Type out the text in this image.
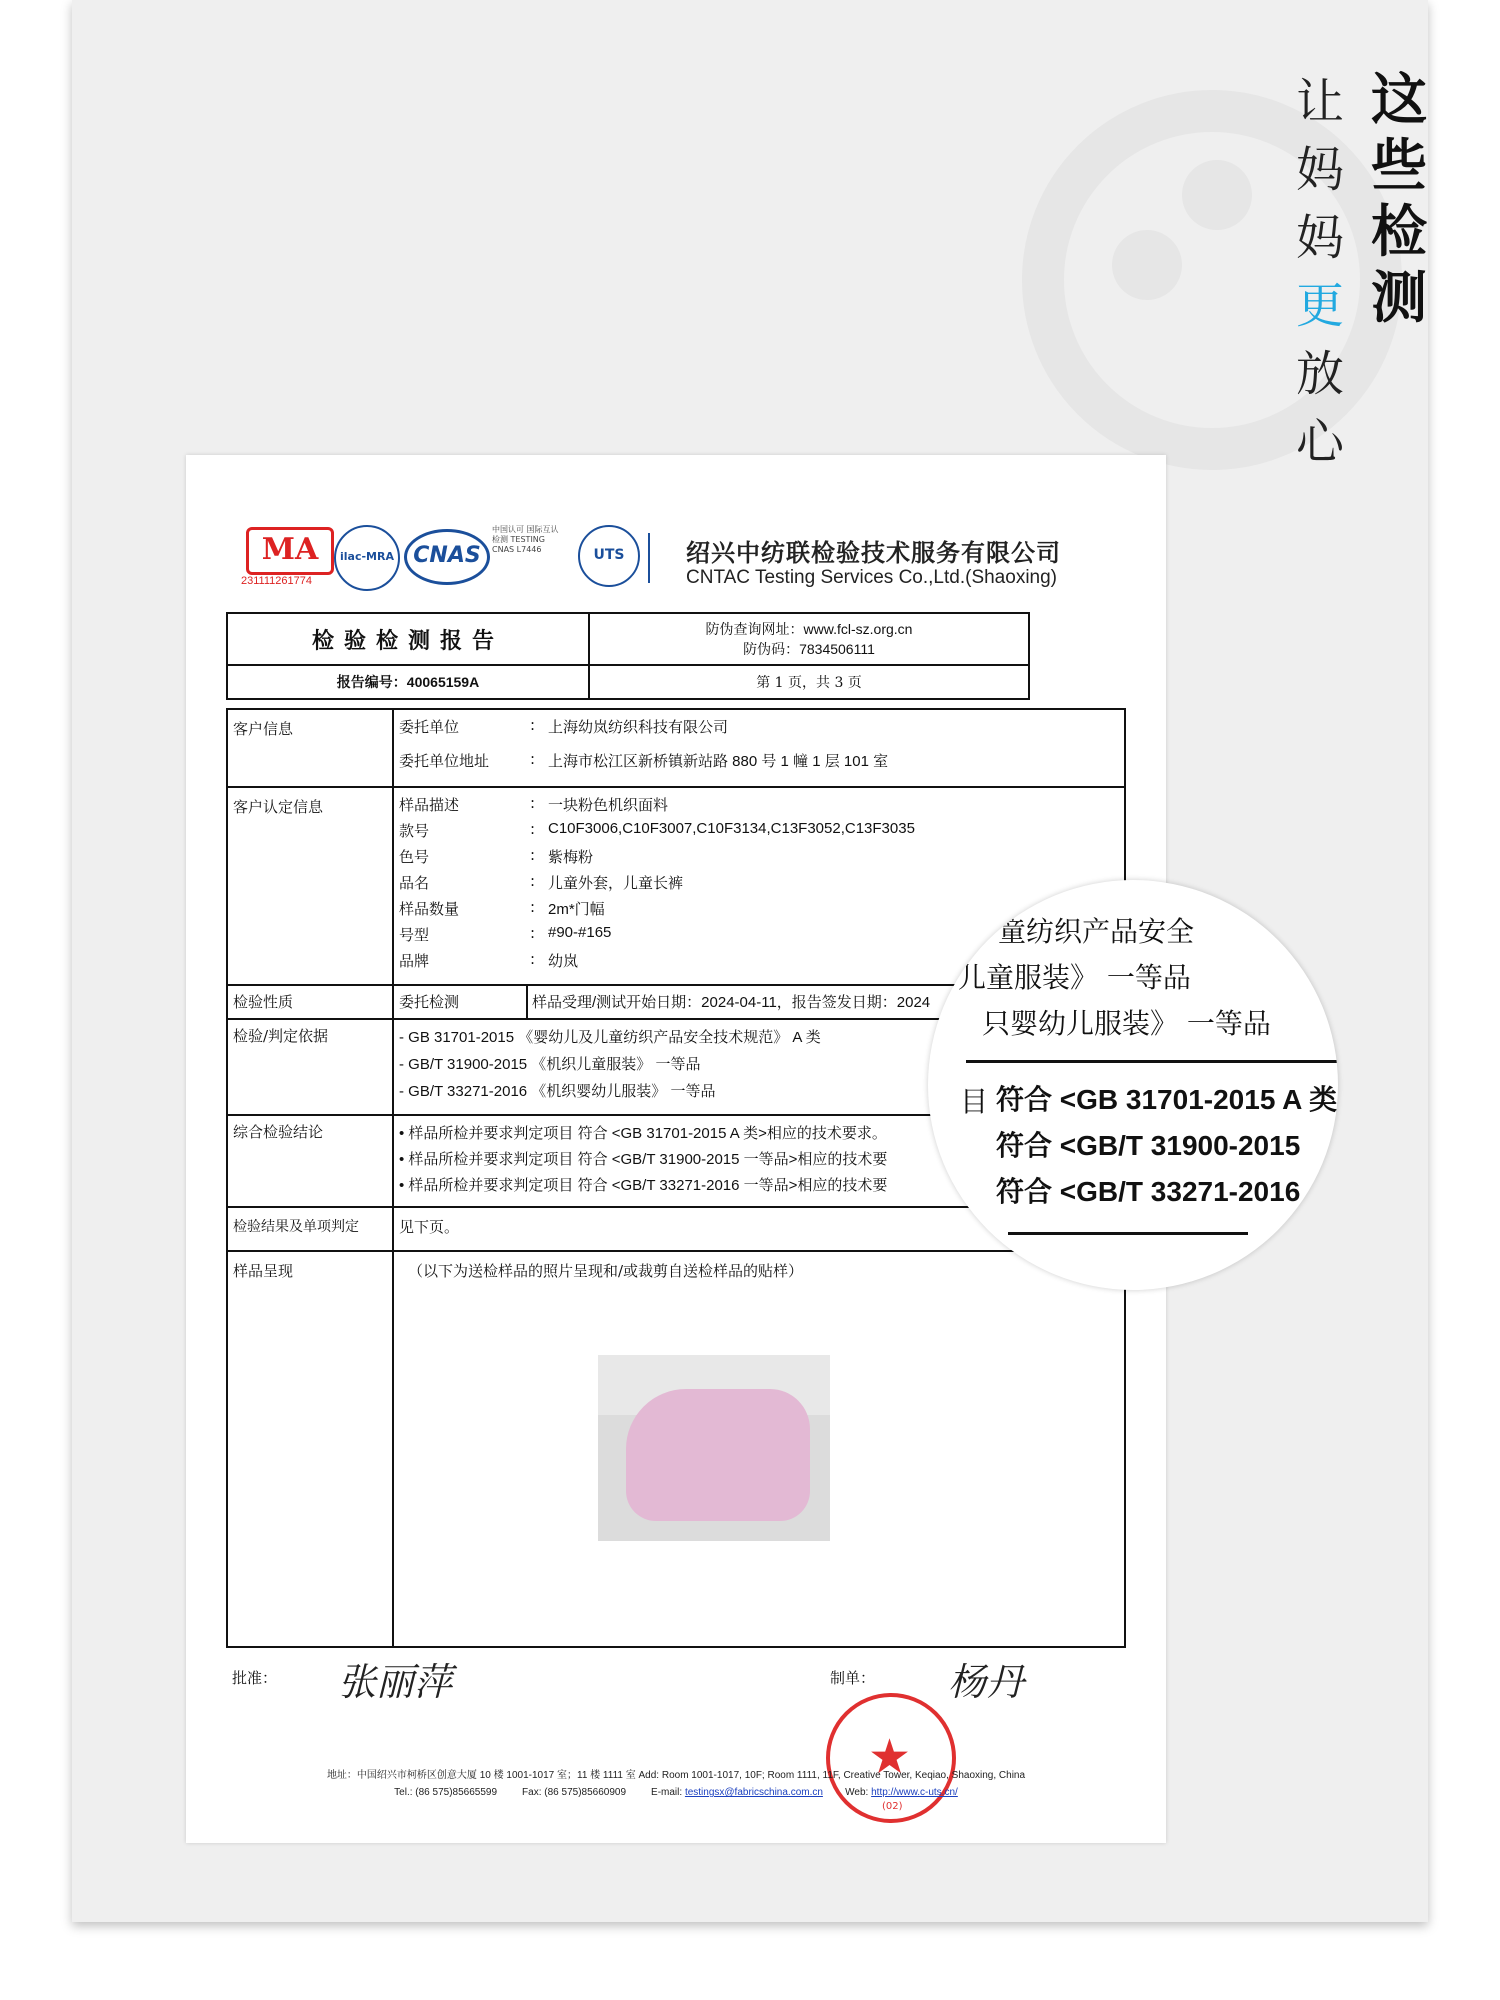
这些检测
让妈妈更放心
MA
231111261774
ilac-MRA CNAS
中国认可 国际互认 检测 TESTING CNAS L7446	UTS	绍兴中纺联检验技术服务有限公司
CNTAC Testing Services Co.,Ltd.(Shaoxing)
检验检测报告	防伪查询网址：www.fcl-sz.org.cn
防伪码：7834506111

报告编号：40065159A	第 1 页，共 3 页
客户信息	委托单位	: 上海幼岚纺织科技有限公司
委托单位地址	: 上海市松江区新桥镇新站路 880 号 1 幢 1 层 101 室
客户认定信息	样品描述	: 一块粉色机织面料
款号	: C10F3006,C10F3007,C10F3134,C13F3052,C13F3035
色号	: 紫梅粉
品名	: 儿童外套，儿童长裤
样品数量	: 2m*门幅
号型	: #90-#165
品牌	: 幼岚
检验性质	委托检测	样品受理/测试开始日期：2024-04-11，报告签发日期：2024
检验/判定依据	- GB 31701-2015 《婴幼儿及儿童纺织产品安全技术规范》 A 类
- GB/T 31900-2015 《机织儿童服装》 一等品
- GB/T 33271-2016 《机织婴幼儿服装》 一等品
综合检验结论	• 样品所检并要求判定项目 符合 <GB 31701-2015 A 类>相应的技术要求。
• 样品所检并要求判定项目 符合 <GB/T 31900-2015 一等品>相应的技术要
• 样品所检并要求判定项目 符合 <GB/T 33271-2016 一等品>相应的技术要
检验结果及单项判定	见下页。
样品呈现	（以下为送检样品的照片呈现和/或裁剪自送检样品的贴样）
批准： 张丽萍	制单： 杨丹
★
(02)
地址：中国绍兴市柯桥区创意大厦 10 楼 1001-1017 室；11 楼 1111 室 Add: Room 1001-1017, 10F; Room 1111, 11F, Creative Tower, Keqiao, Shaoxing, China
Tel.: (86 575)85665599	Fax: (86 575)85660909	E-mail: testingsx@fabricschina.com.cn Web: http://www.c-uts.cn/
童纺织产品安全
儿童服装》 一等品
只婴幼儿服装》 一等品
目 符合 <GB 31701-2015 A 类
符合 <GB/T 31900-2015
符合 <GB/T 33271-2016
